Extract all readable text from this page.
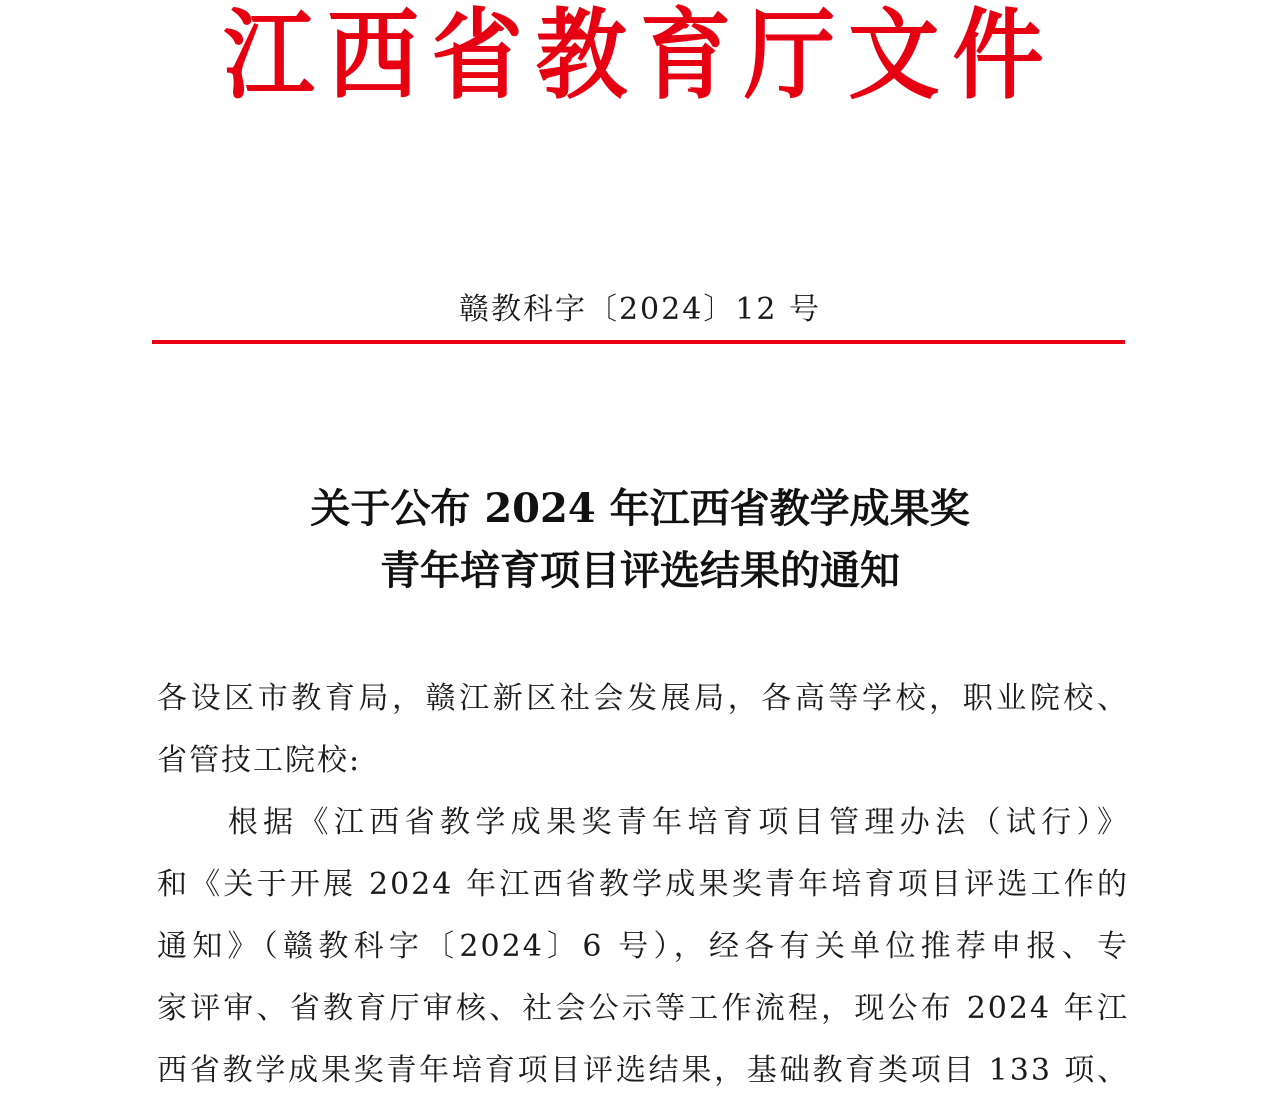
江西省教育厅文件
赣教科字〔2024〕12 号
关于公布 2024 年江西省教学成果奖
青年培育项目评选结果的通知
各设区市教育局，赣江新区社会发展局，各高等学校，职业院校、
省管技工院校:
　　根据《江西省教学成果奖青年培育项目管理办法（试行）》
和《关于开展 2024 年江西省教学成果奖青年培育项目评选工作的
通知》（赣教科字〔2024〕6 号），经各有关单位推荐申报、专
家评审、省教育厅审核、社会公示等工作流程，现公布 2024 年江
西省教学成果奖青年培育项目评选结果，基础教育类项目 133 项、
